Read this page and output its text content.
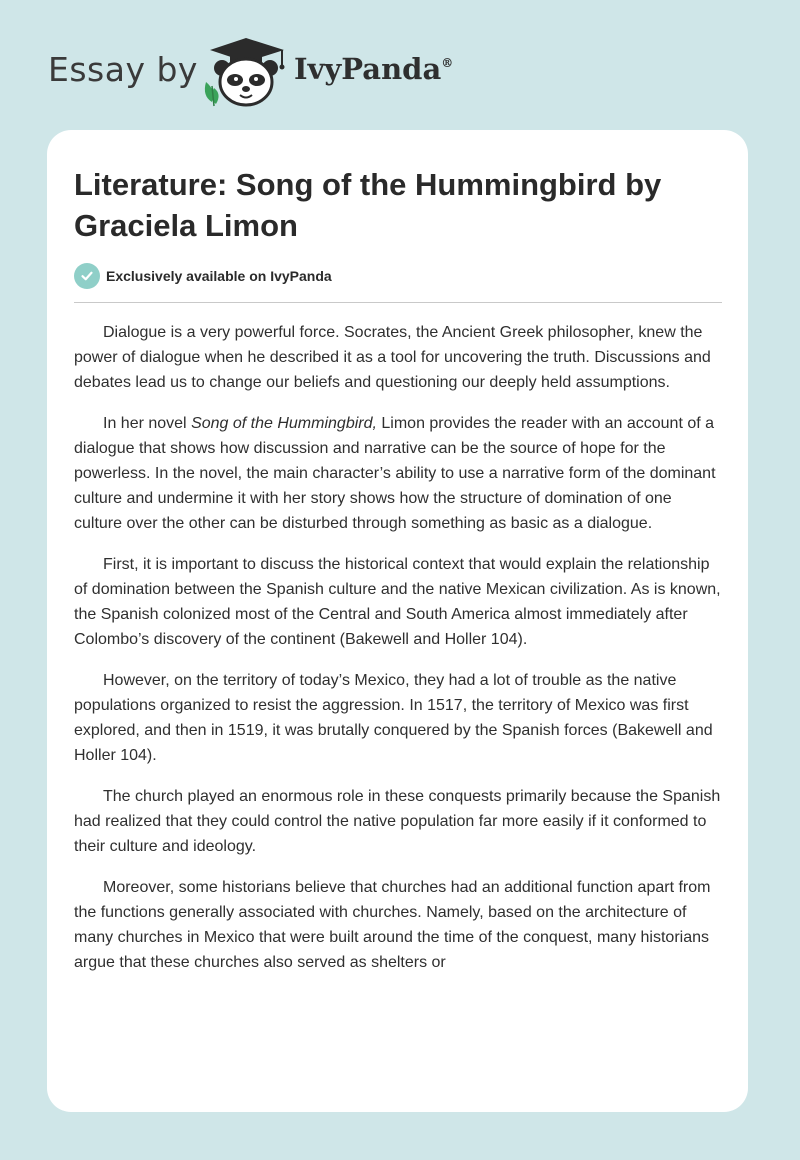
Essay by	IvyPanda®
Literature: Song of the Hummingbird by Graciela Limon
Exclusively available on IvyPanda

Dialogue is a very powerful force. Socrates, the Ancient Greek philosopher, knew the power of dialogue when he described it as a tool for uncovering the truth. Discussions and debates lead us to change our beliefs and questioning our deeply held assumptions.

In her novel Song of the Hummingbird, Limon provides the reader with an account of a dialogue that shows how discussion and narrative can be the source of hope for the powerless. In the novel, the main character’s ability to use a narrative form of the dominant culture and undermine it with her story shows how the structure of domination of one culture over the other can be disturbed through something as basic as a dialogue.

First, it is important to discuss the historical context that would explain the relationship of domination between the Spanish culture and the native Mexican civilization. As is known, the Spanish colonized most of the Central and South America almost immediately after Colombo’s discovery of the continent (Bakewell and Holler 104).

However, on the territory of today’s Mexico, they had a lot of trouble as the native populations organized to resist the aggression. In 1517, the territory of Mexico was first explored, and then in 1519, it was brutally conquered by the Spanish forces (Bakewell and Holler 104).

The church played an enormous role in these conquests primarily because the Spanish had realized that they could control the native population far more easily if it conformed to their culture and ideology.

Moreover, some historians believe that churches had an additional function apart from the functions generally associated with churches. Namely, based on the architecture of many churches in Mexico that were built around the time of the conquest, many historians argue that these churches also served as shelters or
